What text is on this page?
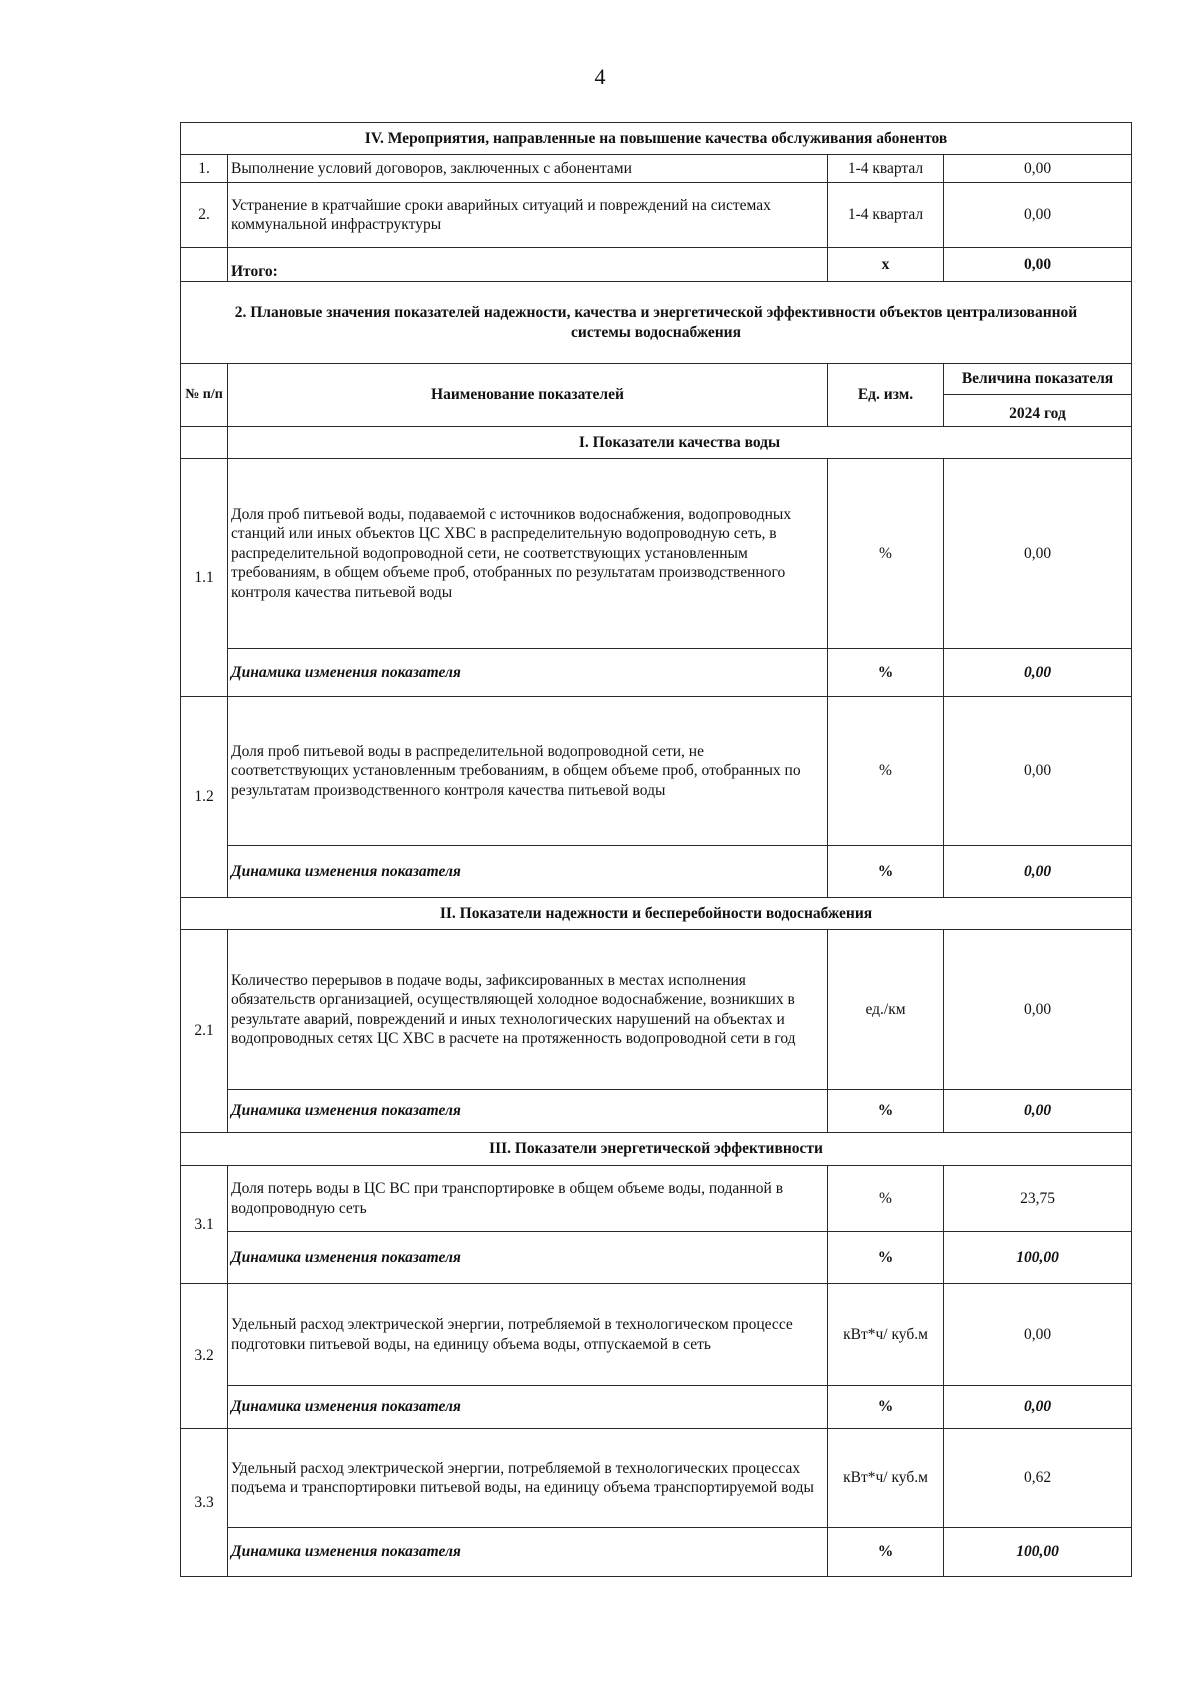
4
IV. Мероприятия, направленные на повышение качества обслуживания абонентов			
1.	Выполнение условий договоров, заключенных с абонентами	1-4 квартал	0,00
2.	Устранение в кратчайшие сроки аварийных ситуаций и повреждений на системах коммунальной инфраструктуры	1-4 квартал	0,00
	Итого:	х	0,00
2. Плановые значения показателей надежности, качества и энергетической эффективности объектов централизованной системы водоснабжения			
№ п/п	Наименование показателей	Ед. изм.	Величина показателя
2024 год

	I. Показатели качества воды		
1.1	Доля проб питьевой воды, подаваемой с источников водоснабжения, водопроводных станций или иных объектов ЦС ХВС в распределительную водопроводную сеть, в распределительной водопроводной сети, не соответствующих установленным требованиям, в общем объеме проб, отобранных по результатам производственного контроля качества питьевой воды	%	0,00
	Динамика изменения показателя	%	0,00
1.2	Доля проб питьевой воды в распределительной водопроводной сети, не соответствующих установленным требованиям, в общем объеме проб, отобранных по результатам производственного контроля качества питьевой воды	%	0,00
	Динамика изменения показателя	%	0,00
II. Показатели надежности и бесперебойности водоснабжения			
2.1	Количество перерывов в подаче воды, зафиксированных в местах исполнения обязательств организацией, осуществляющей холодное водоснабжение, возникших в результате аварий, повреждений и иных технологических нарушений на объектах и водопроводных сетях ЦС ХВС в расчете на протяженность водопроводной сети в год	ед./км	0,00
	Динамика изменения показателя	%	0,00
III. Показатели энергетической эффективности			
3.1	Доля потерь воды в ЦС ВС при транспортировке в общем объеме воды, поданной в водопроводную сеть	%	23,75
	Динамика изменения показателя	%	100,00
3.2	Удельный расход электрической энергии, потребляемой в технологическом процессе подготовки питьевой воды, на единицу объема воды, отпускаемой в сеть	кВт*ч/ куб.м	0,00
	Динамика изменения показателя	%	0,00
3.3	Удельный расход электрической энергии, потребляемой в технологических процессах подъема и транспортировки питьевой воды, на единицу объема транспортируемой воды	кВт*ч/ куб.м	0,62
	Динамика изменения показателя	%	100,00
